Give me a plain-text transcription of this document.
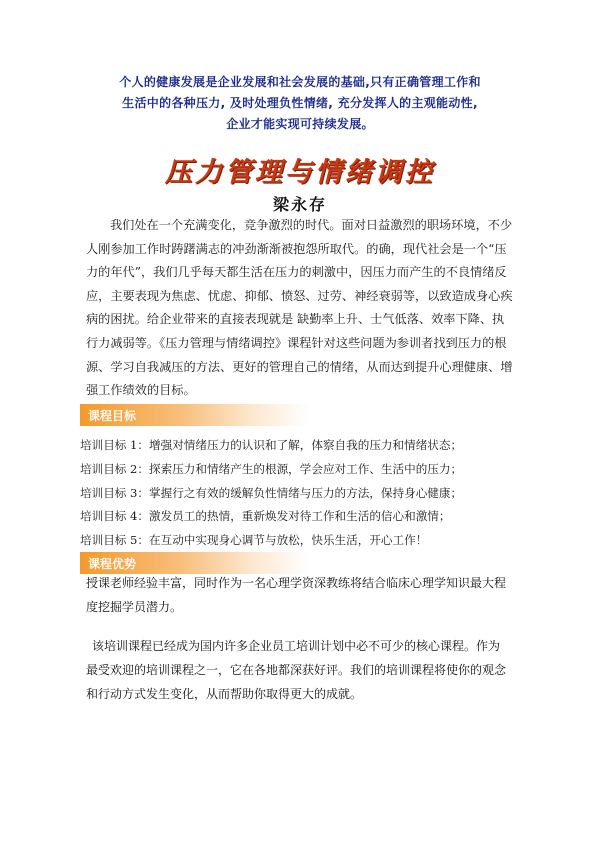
个人的健康发展是企业发展和社会发展的基础,只有正确管理工作和
生活中的各种压力, 及时处理负性情绪, 充分发挥人的主观能动性,
企业才能实现可持续发展。
压力管理与情绪调控
梁永存
我们处在一个充满变化，竞争激烈的时代。面对日益激烈的职场环境，不少
人刚参加工作时踌躇满志的冲劲渐渐被抱怨所取代。的确，现代社会是一个“压
力的年代”，我们几乎每天都生活在压力的刺激中，因压力而产生的不良情绪反
应，主要表现为焦虑、忧虑、抑郁、愤怒、过劳、神经衰弱等，以致造成身心疾
病的困扰。给企业带来的直接表现就是 缺勤率上升、士气低落、效率下降、执
行力减弱等。《压力管理与情绪调控》课程针对这些问题为参训者找到压力的根
源、学习自我减压的方法、更好的管理自己的情绪，从而达到提升心理健康、增
强工作绩效的目标。
课程目标
培训目标 1：增强对情绪压力的认识和了解，体察自我的压力和情绪状态；
培训目标 2：探索压力和情绪产生的根源，学会应对工作、生活中的压力；
培训目标 3：掌握行之有效的缓解负性情绪与压力的方法，保持身心健康；
培训目标 4：激发员工的热情，重新焕发对待工作和生活的信心和激情；
培训目标 5：在互动中实现身心调节与放松，快乐生活，开心工作！
课程优势
授课老师经验丰富，同时作为一名心理学资深教练将结合临床心理学知识最大程
度挖掘学员潜力。
该培训课程已经成为国内许多企业员工培训计划中必不可少的核心课程。作为
最受欢迎的培训课程之一，它在各地都深获好评。我们的培训课程将使你的观念
和行动方式发生变化，从而帮助你取得更大的成就。
